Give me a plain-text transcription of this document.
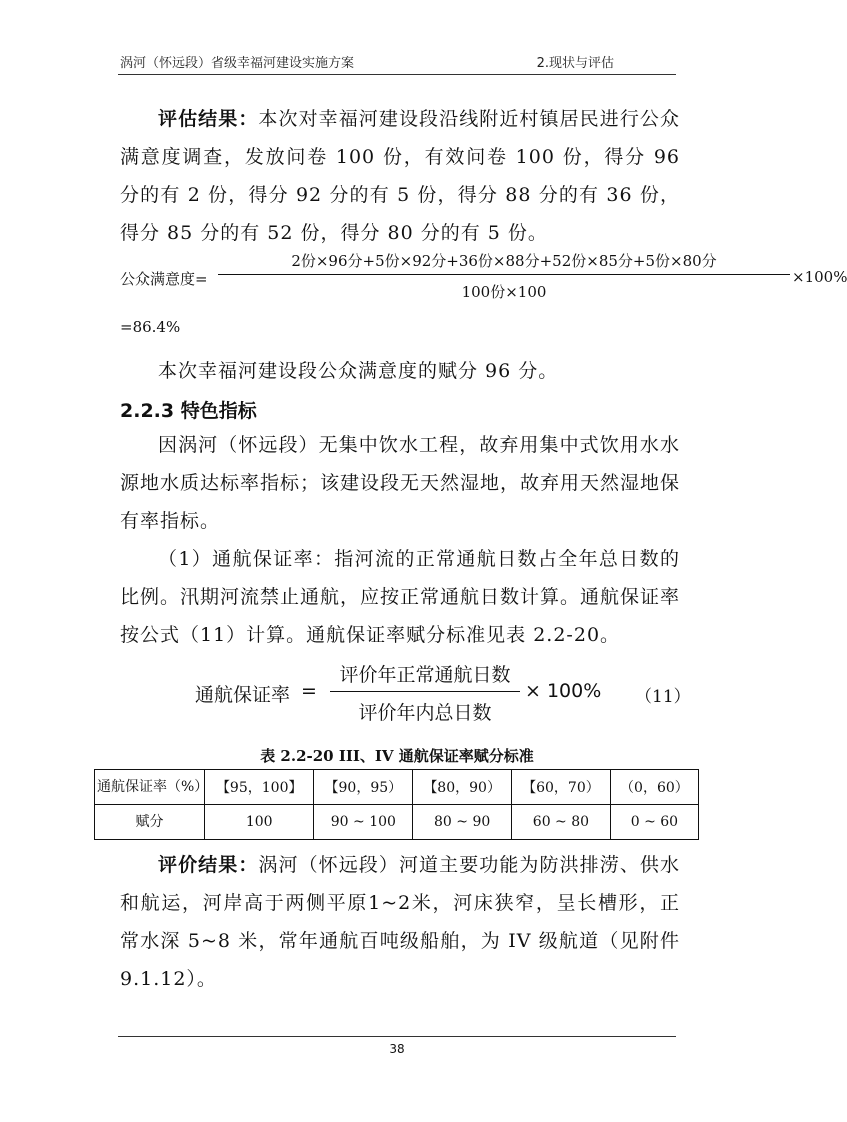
涡河（怀远段）省级幸福河建设实施方案	2.现状与评估
评估结果：本次对幸福河建设段沿线附近村镇居民进行公众满意度调查，发放问卷 100 份，有效问卷 100 份，得分 96 分的有 2 份，得分 92 分的有 5 份，得分 88 分的有 36 份，得分 85 分的有 52 份，得分 80 分的有 5 份。
公众满意度=
2份×96分+5份×92分+36份×88分+52份×85分+5份×80分
100份×100
×100%
=86.4%
本次幸福河建设段公众满意度的赋分 96 分。
2.2.3 特色指标
因涡河（怀远段）无集中饮水工程，故弃用集中式饮用水水源地水质达标率指标；该建设段无天然湿地，故弃用天然湿地保有率指标。
（1）通航保证率：指河流的正常通航日数占全年总日数的比例。汛期河流禁止通航，应按正常通航日数计算。通航保证率按公式（11）计算。通航保证率赋分标准见表 2.2-20。
通航保证率 =
评价年正常通航日数
评价年内总日数
× 100% （11）
表 2.2-20 III、IV 通航保证率赋分标准
通航保证率（%）	【95，100】	【90，95）	【80，90）	【60，70）	（0，60）
赋分	100	90 ~ 100	80 ~ 90	60 ~ 80	0 ~ 60
评价结果：涡河（怀远段）河道主要功能为防洪排涝、供水和航运，河岸高于两侧平原1~2米，河床狭窄，呈长槽形，正常水深 5~8 米，常年通航百吨级船舶，为 IV 级航道（见附件9.1.12）。
38
